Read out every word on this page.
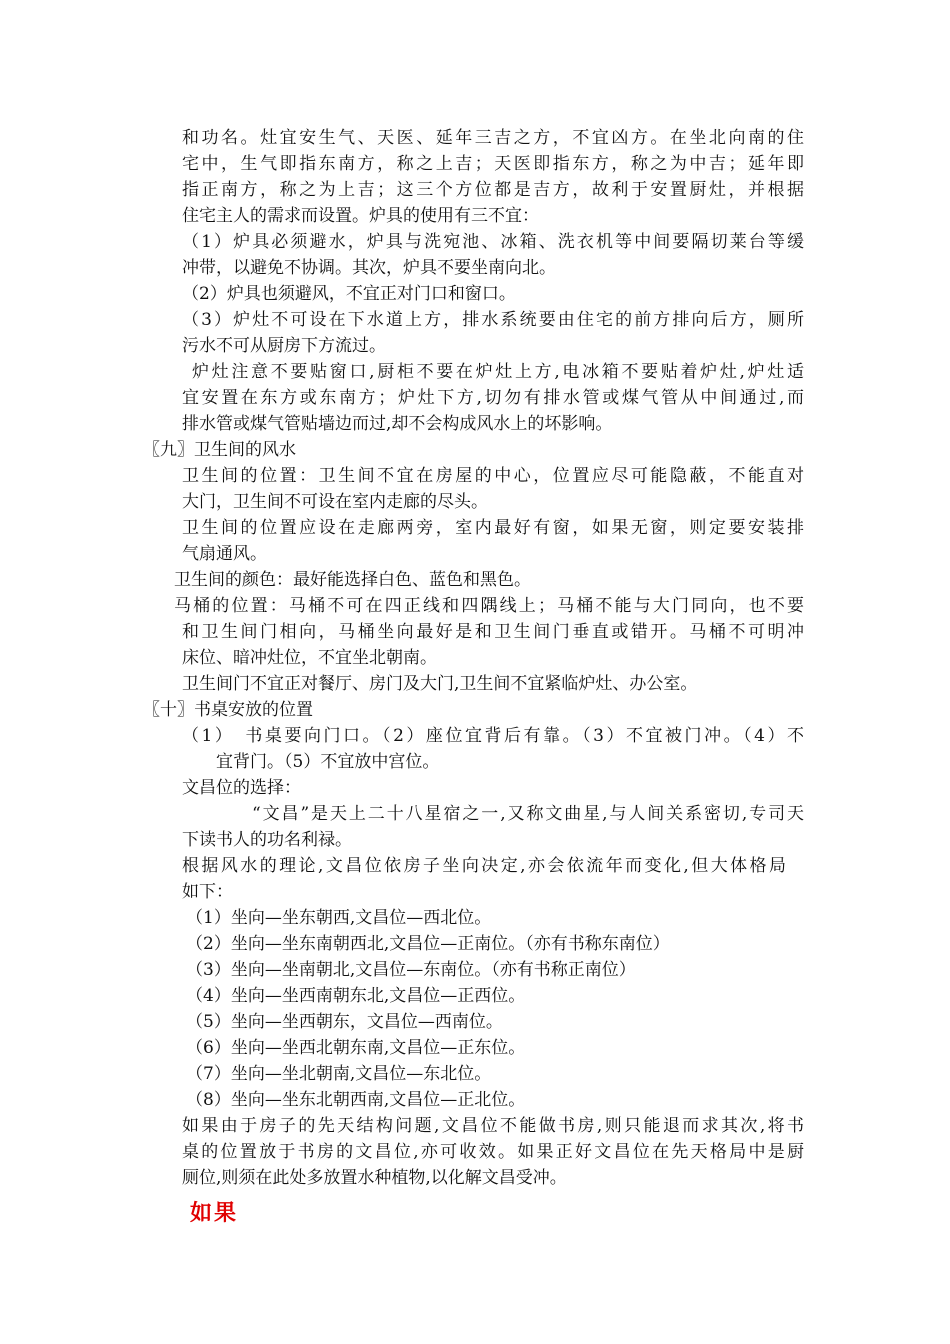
和功名。灶宜安生气、天医、延年三吉之方，不宜凶方。在坐北向南的住
宅中，生气即指东南方，称之上吉；天医即指东方，称之为中吉；延年即
指正南方，称之为上吉；这三个方位都是吉方，故利于安置厨灶，并根据
住宅主人的需求而设置。炉具的使用有三不宜：
（1）炉具必须避水，炉具与洗宛池、冰箱、洗衣机等中间要隔切莱台等缓
冲带，以避免不协调。其次，炉具不要坐南向北。
（2）炉具也须避风，不宜正对门口和窗口。
（3）炉灶不可设在下水道上方，排水系统要由住宅的前方排向后方，厕所
污水不可从厨房下方流过。
炉灶注意不要贴窗口,厨柜不要在炉灶上方,电冰箱不要贴着炉灶,炉灶适
宜安置在东方或东南方；炉灶下方,切勿有排水管或煤气管从中间通过,而
排水管或煤气管贴墙边而过,却不会构成风水上的坏影响。
〖九〗卫生间的风水
卫生间的位置：卫生间不宜在房屋的中心，位置应尽可能隐蔽，不能直对
大门，卫生间不可设在室内走廊的尽头。
卫生间的位置应设在走廊两旁，室内最好有窗，如果无窗，则定要安装排
气扇通风。
卫生间的颜色：最好能选择白色、蓝色和黑色。
马桶的位置：马桶不可在四正线和四隅线上；马桶不能与大门同向，也不要
和卫生间门相向，马桶坐向最好是和卫生间门垂直或错开。马桶不可明冲
床位、暗冲灶位，不宜坐北朝南。
卫生间门不宜正对餐厅、房门及大门,卫生间不宜紧临炉灶、办公室。
〖十〗书桌安放的位置
（1）　书桌要向门口。（2）座位宜背后有靠。（3）不宜被门冲。（4）不
宜背门。（5）不宜放中宫位。
文昌位的选择：
“文昌”是天上二十八星宿之一,又称文曲星,与人间关系密切,专司天
下读书人的功名利禄。
根据风水的理论,文昌位依房子坐向决定,亦会依流年而变化,但大体格局
如下：
（1）坐向—坐东朝西,文昌位—西北位。
（2）坐向—坐东南朝西北,文昌位—正南位。（亦有书称东南位）
（3）坐向—坐南朝北,文昌位—东南位。（亦有书称正南位）
（4）坐向—坐西南朝东北,文昌位—正西位。
（5）坐向—坐西朝东，文昌位—西南位。
（6）坐向—坐西北朝东南,文昌位—正东位。
（7）坐向—坐北朝南,文昌位—东北位。
（8）坐向—坐东北朝西南,文昌位—正北位。
如果由于房子的先天结构问题,文昌位不能做书房,则只能退而求其次,将书
桌的位置放于书房的文昌位,亦可收效。如果正好文昌位在先天格局中是厨
厕位,则须在此处多放置水种植物,以化解文昌受冲。
如果
